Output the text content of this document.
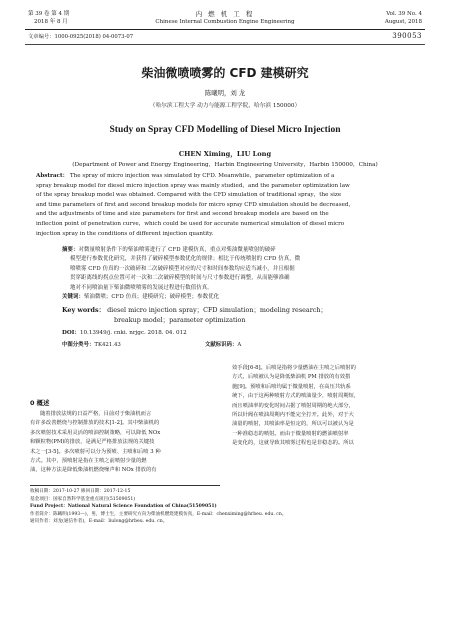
第 39 卷 第 4 期
2018 年 8 月
内 燃 机 工 程
Chinese Internal Combustion Engine Engineering
Vol. 39 No. 4
August, 2018
文章编号：1000-0925(2018) 04-0073-07	390053
柴油微喷喷雾的 CFD 建模研究
陈曦明，刘 龙
（哈尔滨工程大学 动力与能源工程学院，哈尔滨 150000）
Study on Spray CFD Modelling of Diesel Micro Injection
CHEN Ximing，LIU Long
(Department of Power and Energy Engineering，Harbin Engineering University，Harbin 150000，China)
Abstract： The spray of micro injection was simulated by CFD. Meanwhile，parameter optimization of a
spray breakup model for diesel micro injection spray was mainly studied，and the parameter optimization law
of the spray breakup model was obtained. Compared with the CFD simulation of traditional spray，the size
and time parameters of first and second breakup models for micro spray CFD simulation should be decreased，
and the adjustments of time and size parameters for first and second breakup models are based on the
inflection point of penetration curve，which could be used for accurate numerical simulation of diesel micro
injection spray in the conditions of different injection quantity.
摘要：对微量喷射条件下的柴油喷雾进行了 CFD 建模仿真，重点对柴油微量喷射的破碎
模型进行参数优化研究，并获得了破碎模型参数优化的规律；相比于传统喷射的 CFD 仿真，微
喷喷雾 CFD 仿真的一次破碎和二次破碎模型对应的尺寸和时间参数均应适当减小，并且根据
贯穿距离线的拐点位置可对一次和二次破碎模型的时间与尺寸参数进行调整，从而能够准确
地对不同喷油量下柴油微喷喷雾的发展过程进行数值仿真。
关键词：柴油微喷；CFD 仿真；建模研究；破碎模型；参数优化
Key words： diesel micro injection spray；CFD simulation；modeling research；
breakup model；parameter optimization
DOI：10.13949/j. cnki. nrjgc. 2018. 04. 012
中图分类号：TK421.43	文献标识码：A
0 概述
随着排放法规的日益严格，目前对于柴油机而言
有许多改善燃烧与控制排放的技术[1-2]。其中柴油机的
多次喷射技术采用灵活的喷油控制策略，可以降低 NOx
和颗粒物(PM)的排放，是满足严格排放法规的关键技
术之一[3-5]。多次喷射可以分为预喷、主喷和后喷 3 种
方式。其中，预喷射是指在主喷之前喷射少量的燃
油，这种方法是降低柴油机燃烧噪声和 NOx 排放的有
效手段[6-8]。后喷是指将少量燃油在主喷之后喷射的
方式，后喷被认为是降低柴油机 PM 排放的有效措
施[9]。预喷和后喷均属于微量喷射，在高压共轨系
统下，由于这两种喷射方式的喷油量少，喷射周期短，
而且喷油率的变化时间占据了喷射周期的绝大部分，
所以针阀在喷油周期内不能完全打开。此外，对于大
油量的喷射，其喷油率是恒定的，所以可以被认为是
一种准稳态的喷射。而由于微量喷射的燃油喷射率
是变化的，这就导致其喷雾过程也是非稳态的。所以
收稿日期：2017-10-27 修回日期：2017-12-15
基金项目：国家自然科学基金重点项目(51509051)
Fund Project：National Natural Science Foundation of China(51509051)
作者简介：陈曦明(1993—)，男，博士生，主要研究方向为柴油机燃烧建模仿真，E-mail：chenximing@hrbeu. edu. cn。
通讯作者：刘龙(通信作者)，E-mail：liulong@hrbeu. edu. cn。
